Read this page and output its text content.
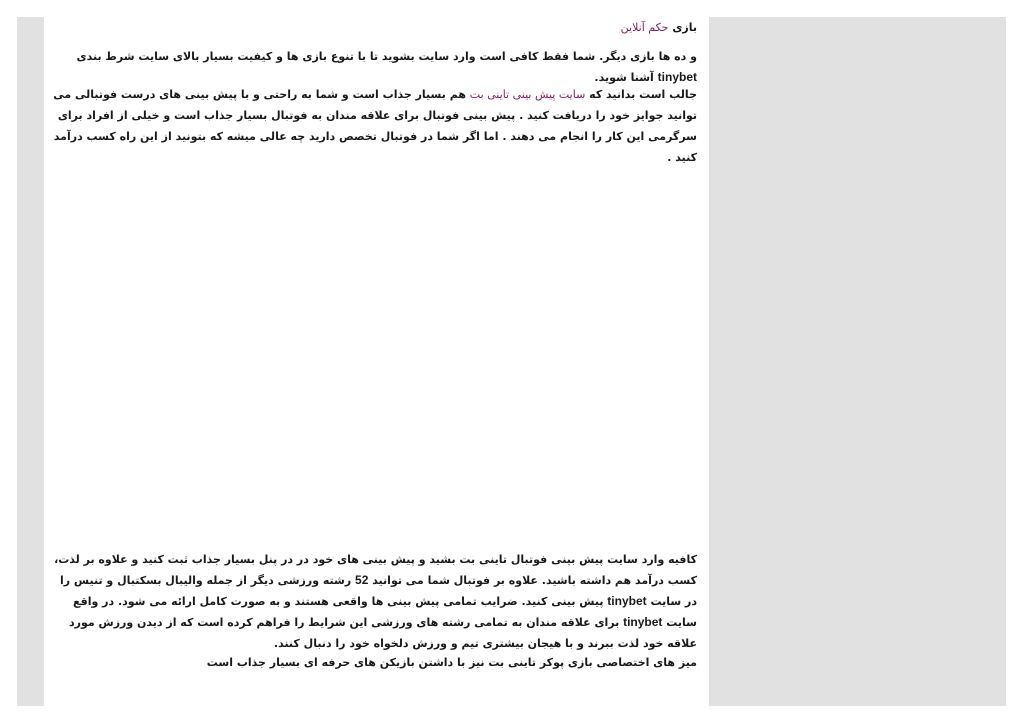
بازی حکم آنلاین

و ده ها بازی دیگر. شما فقط کافی است وارد سایت بشوید تا با تنوع بازی ها و کیفیت بسیار بالای سایت شرط بندی tinybet آشنا شوید.

جالب است بدانید که سایت پیش بینی تاینی بت هم بسیار جذاب است و شما به راحتی و با پیش بینی های درست فوتبالی می توانید جوایز خود را دریافت کنید . پیش بینی فوتبال برای علاقه مندان به فوتبال بسیار جذاب است و خیلی از افراد برای سرگرمی این کار را انجام می دهند . اما اگر شما در فوتبال تخصص دارید چه عالی میشه که بتونید از این راه کسب درآمد کنید .

کافیه وارد سایت پیش بینی فوتبال تاینی بت بشید و پیش بینی های خود در در پنل بسیار جذاب ثبت کنید و علاوه بر لذت، کسب درآمد هم داشته باشید. علاوه بر فوتبال شما می توانید 52 رشته ورزشی دیگر از جمله والیبال بسکتبال و تنیس را در سایت tinybet پیش بینی کنید. ضرایب تمامی پیش بینی ها واقعی هستند و به صورت کامل ارائه می شود. در واقع سایت tinybet برای علاقه مندان به تمامی رشته های ورزشی این شرایط را فراهم کرده است که از دیدن ورزش مورد علاقه خود لذت ببرند و با هیجان بیشتری تیم و ورزش دلخواه خود را دنبال کنند.

میز های اختصاصی بازی پوکر تاینی بت نیز با داشتن بازیکن های حرفه ای بسیار جذاب است
